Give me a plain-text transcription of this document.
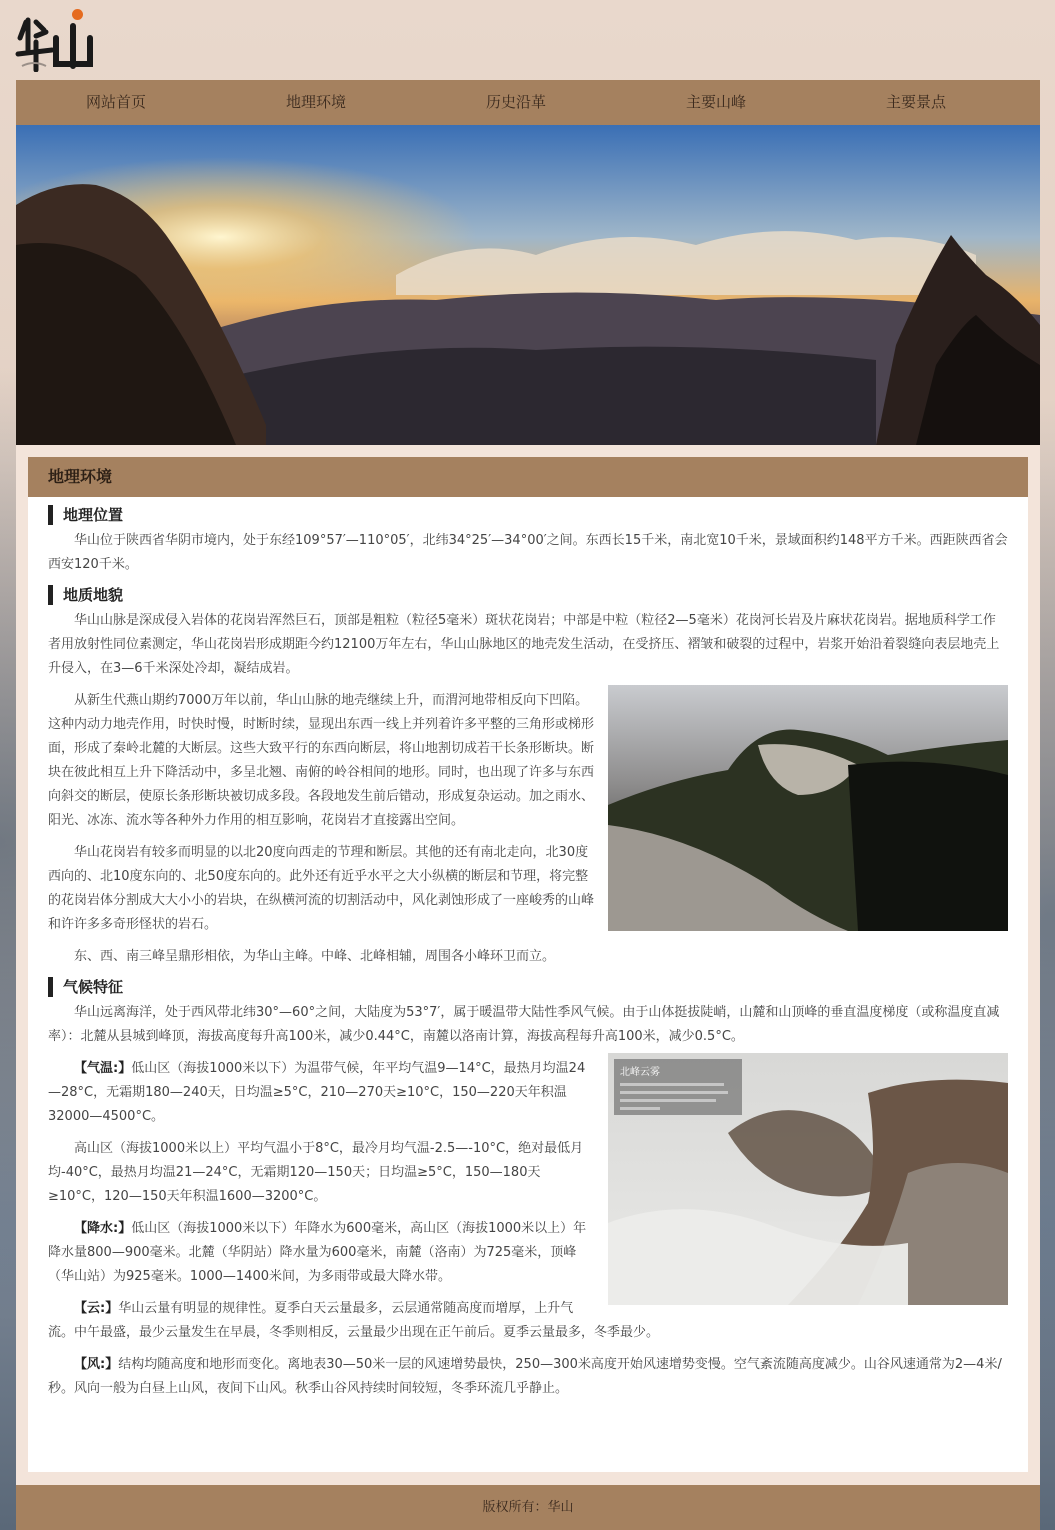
网站首页	地理环境	历史沿革	主要山峰	主要景点
地理环境
地理位置

华山位于陕西省华阴市境内，处于东经109°57′—110°05′，北纬34°25′—34°00′之间。东西长15千米，南北宽10千米，景域面积约148平方千米。西距陕西省会西安120千米。

地质地貌

华山山脉是深成侵入岩体的花岗岩浑然巨石，顶部是粗粒（粒径5毫米）斑状花岗岩；中部是中粒（粒径2—5毫米）花岗河长岩及片麻状花岗岩。据地质科学工作者用放射性同位素测定，华山花岗岩形成期距今约12100万年左右，华山山脉地区的地壳发生活动，在受挤压、褶皱和破裂的过程中，岩浆开始沿着裂缝向表层地壳上升侵入，在3—6千米深处冷却，凝结成岩。

从新生代燕山期约7000万年以前，华山山脉的地壳继续上升，而渭河地带相反向下凹陷。这种内动力地壳作用，时快时慢，时断时续，显现出东西一线上并列着许多平整的三角形或梯形面，形成了秦岭北麓的大断层。这些大致平行的东西向断层，将山地割切成若干长条形断块。断块在彼此相互上升下降活动中，多呈北翘、南俯的岭谷相间的地形。同时，也出现了许多与东西向斜交的断层，使原长条形断块被切成多段。各段地发生前后错动，形成复杂运动。加之雨水、阳光、冰冻、流水等各种外力作用的相互影响，花岗岩才直接露出空间。

华山花岗岩有较多而明显的以北20度向西走的节理和断层。其他的还有南北走向，北30度西向的、北10度东向的、北50度东向的。此外还有近乎水平之大小纵横的断层和节理，将完整的花岗岩体分割成大大小小的岩块，在纵横河流的切割活动中，风化剥蚀形成了一座峻秀的山峰和许许多多奇形怪状的岩石。

东、西、南三峰呈鼎形相依，为华山主峰。中峰、北峰相辅，周围各小峰环卫而立。

气候特征

华山远离海洋，处于西风带北纬30°—60°之间，大陆度为53°7′，属于暖温带大陆性季风气候。由于山体挺拔陡峭，山麓和山顶峰的垂直温度梯度（或称温度直减率）：北麓从县城到峰顶，海拔高度每升高100米，减少0.44°C，南麓以洛南计算，海拔高程每升高100米，减少0.5°C。

北峰云雾

【气温:】低山区（海拔1000米以下）为温带气候，年平均气温9—14°C，最热月均温24—28°C，无霜期180—240天，日均温≥5°C，210—270天≥10°C，150—220天年积温32000—4500°C。

高山区（海拔1000米以上）平均气温小于8°C，最冷月均气温-2.5—-10°C，绝对最低月均-40°C，最热月均温21—24°C，无霜期120—150天；日均温≥5°C，150—180天≥10°C，120—150天年积温1600—3200°C。

【降水:】低山区（海拔1000米以下）年降水为600毫米，高山区（海拔1000米以上）年降水量800—900毫米。北麓（华阴站）降水量为600毫米，南麓（洛南）为725毫米，顶峰（华山站）为925毫米。1000—1400米间，为多雨带或最大降水带。

【云:】华山云量有明显的规律性。夏季白天云量最多，云层通常随高度而增厚，上升气流。中午最盛，最少云量发生在早晨，冬季则相反，云量最少出现在正午前后。夏季云量最多，冬季最少。

【风:】结构均随高度和地形而变化。离地表30—50米一层的风速增势最快，250—300米高度开始风速增势变慢。空气紊流随高度减少。山谷风速通常为2—4米/秒。风向一般为白昼上山风，夜间下山风。秋季山谷风持续时间较短，冬季环流几乎静止。

版权所有：华山
